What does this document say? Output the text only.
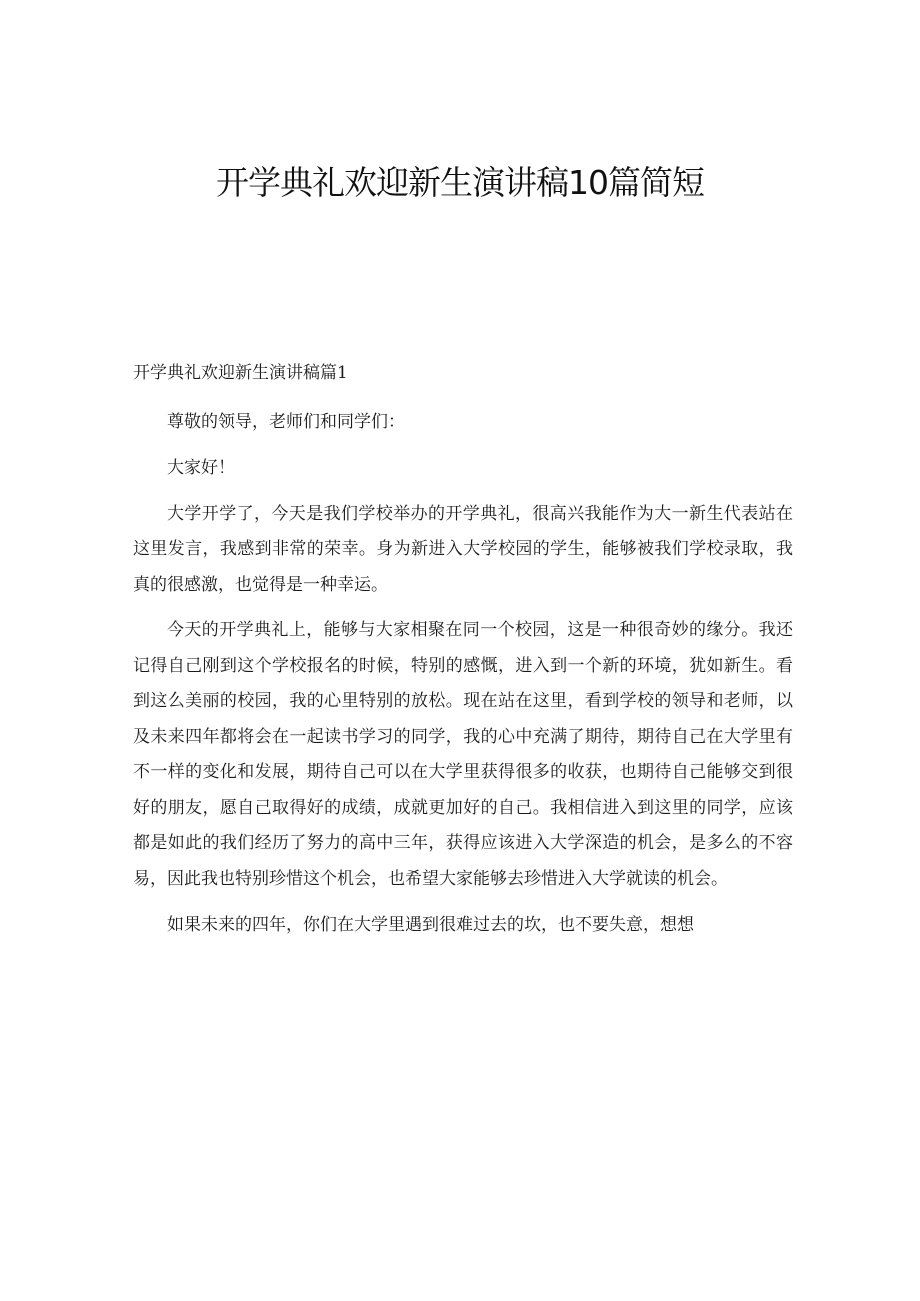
开学典礼欢迎新生演讲稿10篇简短
开学典礼欢迎新生演讲稿篇1

尊敬的领导，老师们和同学们：

大家好！

大学开学了，今天是我们学校举办的开学典礼，很高兴我能作为大一新生代表站在这里发言，我感到非常的荣幸。身为新进入大学校园的学生，能够被我们学校录取，我真的很感激，也觉得是一种幸运。

今天的开学典礼上，能够与大家相聚在同一个校园，这是一种很奇妙的缘分。我还记得自己刚到这个学校报名的时候，特别的感慨，进入到一个新的环境，犹如新生。看到这么美丽的校园，我的心里特别的放松。现在站在这里，看到学校的领导和老师，以及未来四年都将会在一起读书学习的同学，我的心中充满了期待，期待自己在大学里有不一样的变化和发展，期待自己可以在大学里获得很多的收获，也期待自己能够交到很好的朋友，愿自己取得好的成绩，成就更加好的自己。我相信进入到这里的同学，应该都是如此的我们经历了努力的高中三年，获得应该进入大学深造的机会，是多么的不容易，因此我也特别珍惜这个机会，也希望大家能够去珍惜进入大学就读的机会。

如果未来的四年，你们在大学里遇到很难过去的坎，也不要失意，想想
